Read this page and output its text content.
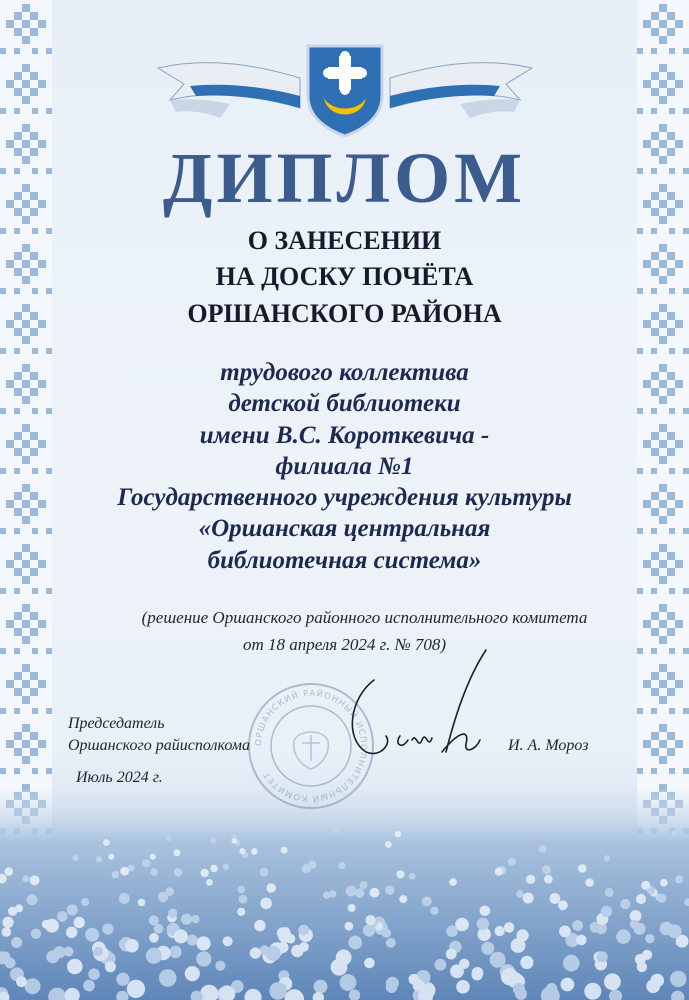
ДИПЛОМ

О ЗАНЕСЕНИИ

НА ДОСКУ ПОЧЁТА

ОРШАНСКОГО РАЙОНА

трудового коллектива
детской библиотеки
имени В.С. Короткевича -
филиала №1
Государственного учреждения культуры
«Оршанская центральная
библиотечная система»

(решение Оршанского районного исполнительного комитета

от 18 апреля 2024 г. № 708)

ОРШАНСКИЙ РАЙОННЫЙ ИСПОЛНИТЕЛЬНЫЙ КОМИТЕТ
Председатель
Оршанского райисполкома
Июль 2024 г.
И. А. Мороз
